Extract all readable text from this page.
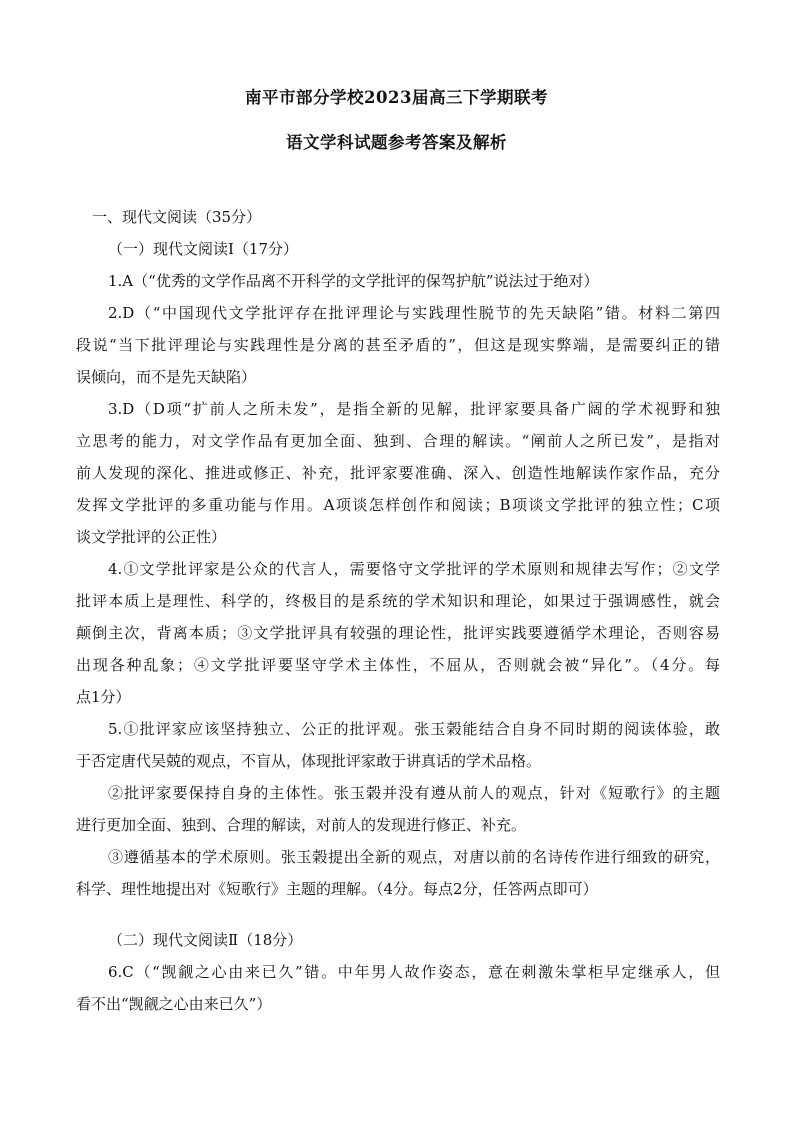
南平市部分学校2023届高三下学期联考
语文学科试题参考答案及解析
一、现代文阅读（35分）
（一）现代文阅读Ⅰ（17分）
1.A（“优秀的文学作品离不开科学的文学批评的保驾护航”说法过于绝对）
2.D（“中国现代文学批评存在批评理论与实践理性脱节的先天缺陷”错。材料二第四
段说“当下批评理论与实践理性是分离的甚至矛盾的”，但这是现实弊端，是需要纠正的错
误倾向，而不是先天缺陷）
3.D（D项“扩前人之所未发”，是指全新的见解，批评家要具备广阔的学术视野和独
立思考的能力，对文学作品有更加全面、独到、合理的解读。“阐前人之所已发”，是指对
前人发现的深化、推进或修正、补充，批评家要准确、深入、创造性地解读作家作品，充分
发挥文学批评的多重功能与作用。A项谈怎样创作和阅读；B项谈文学批评的独立性；C项
谈文学批评的公正性）
4.①文学批评家是公众的代言人，需要恪守文学批评的学术原则和规律去写作；②文学
批评本质上是理性、科学的，终极目的是系统的学术知识和理论，如果过于强调感性，就会
颠倒主次，背离本质；③文学批评具有较强的理论性，批评实践要遵循学术理论，否则容易
出现各种乱象；④文学批评要坚守学术主体性，不屈从，否则就会被“异化”。（4分。每
点1分）
5.①批评家应该坚持独立、公正的批评观。张玉榖能结合自身不同时期的阅读体验，敢
于否定唐代吴兢的观点，不盲从，体现批评家敢于讲真话的学术品格。
②批评家要保持自身的主体性。张玉榖并没有遵从前人的观点，针对《短歌行》的主题
进行更加全面、独到、合理的解读，对前人的发现进行修正、补充。
③遵循基本的学术原则。张玉榖提出全新的观点，对唐以前的名诗传作进行细致的研究，
科学、理性地提出对《短歌行》主题的理解。（4分。每点2分，任答两点即可）
（二）现代文阅读Ⅱ（18分）
6.C（“觊觎之心由来已久”错。中年男人故作姿态，意在刺激朱掌柜早定继承人，但
看不出“觊觎之心由来已久”）
